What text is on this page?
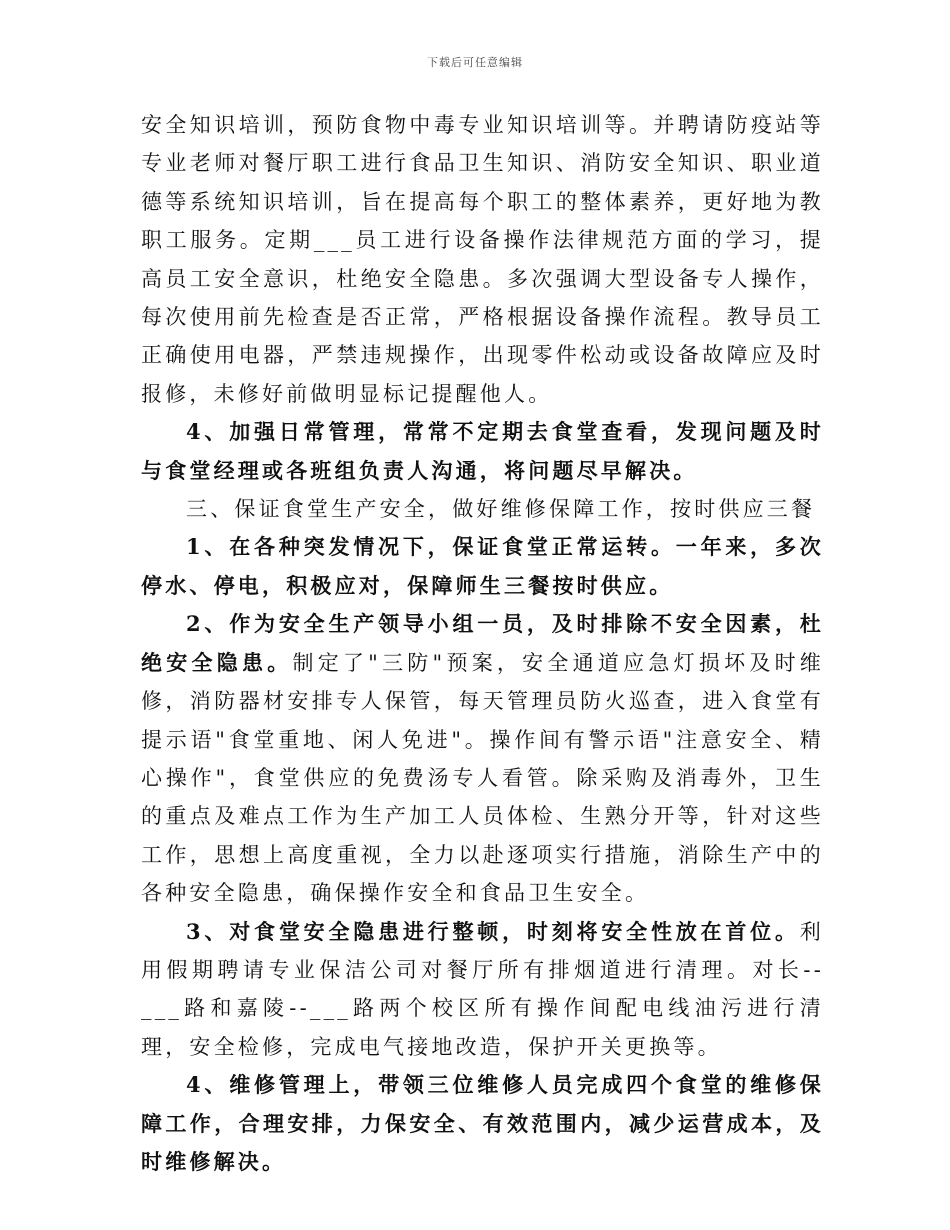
下载后可任意编辑

安全知识培训，预防食物中毒专业知识培训等。并聘请防疫站等专业老师对餐厅职工进行食品卫生知识、消防安全知识、职业道德等系统知识培训，旨在提高每个职工的整体素养，更好地为教职工服务。定期___员工进行设备操作法律规范方面的学习，提高员工安全意识，杜绝安全隐患。多次强调大型设备专人操作，每次使用前先检查是否正常，严格根据设备操作流程。教导员工正确使用电器，严禁违规操作，出现零件松动或设备故障应及时报修，未修好前做明显标记提醒他人。

4、加强日常管理，常常不定期去食堂查看，发现问题及时与食堂经理或各班组负责人沟通，将问题尽早解决。

三、保证食堂生产安全，做好维修保障工作，按时供应三餐

1、在各种突发情况下，保证食堂正常运转。一年来，多次停水、停电，积极应对，保障师生三餐按时供应。

2、作为安全生产领导小组一员，及时排除不安全因素，杜绝安全隐患。制定了"三防"预案，安全通道应急灯损坏及时维修，消防器材安排专人保管，每天管理员防火巡查，进入食堂有提示语"食堂重地、闲人免进"。操作间有警示语"注意安全、精心操作"，食堂供应的免费汤专人看管。除采购及消毒外，卫生的重点及难点工作为生产加工人员体检、生熟分开等，针对这些工作，思想上高度重视，全力以赴逐项实行措施，消除生产中的各种安全隐患，确保操作安全和食品卫生安全。

3、对食堂安全隐患进行整顿，时刻将安全性放在首位。利用假期聘请专业保洁公司对餐厅所有排烟道进行清理。对长--___路和嘉陵--___路两个校区所有操作间配电线油污进行清理，安全检修，完成电气接地改造，保护开关更换等。

4、维修管理上，带领三位维修人员完成四个食堂的维修保障工作，合理安排，力保安全、有效范围内，减少运营成本，及时维修解决。
